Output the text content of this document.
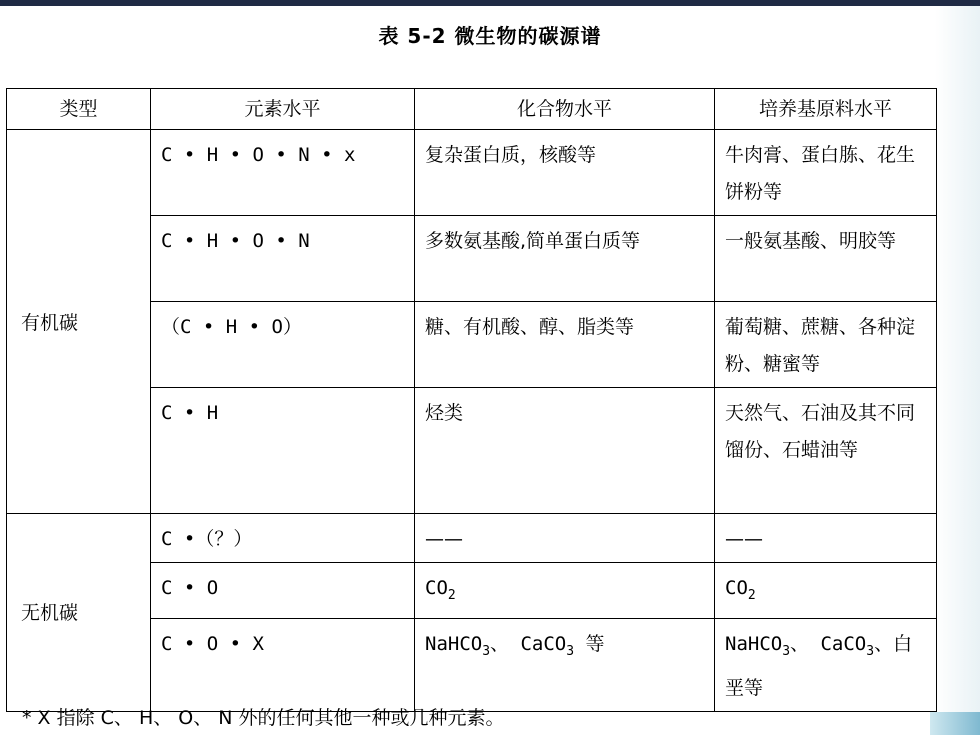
表 5-2 微生物的碳源谱
类型	元素水平	化合物水平	培养基原料水平
有机碳	C • H • O • N • x	复杂蛋白质，核酸等	牛肉膏、蛋白胨、花生饼粉等
	C • H • O • N	多数氨基酸,简单蛋白质等	一般氨基酸、明胶等
	（C • H • O）	糖、有机酸、醇、脂类等	葡萄糖、蔗糖、各种淀粉、糖蜜等
	C • H	烃类	天然气、石油及其不同馏份、石蜡油等
无机碳	C •（？）	——	——
	C • O	$CO_2$	$CO_2$
	C • O • X	NaHCO$_3$、 CaCO$_3$ 等	NaHCO$_3$、 CaCO$_3$、白垩等
* X 指除 C、 H、 O、 N 外的任何其他一种或几种元素。
